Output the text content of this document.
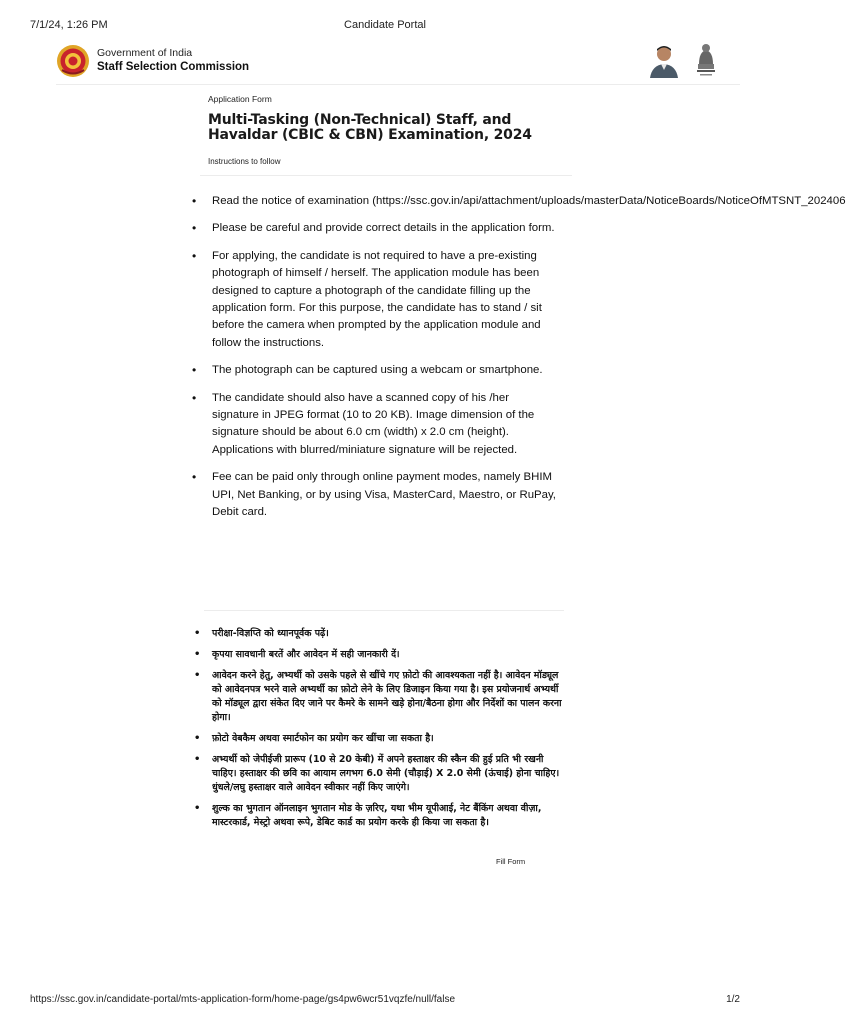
7/1/24, 1:26 PM	Candidate Portal
Government of India
Staff Selection Commission
Application Form
Multi-Tasking (Non-Technical) Staff, and Havaldar (CBIC & CBN) Examination, 2024
Instructions to follow
• Read the notice of examination (https://ssc.gov.in/api/attachment/uploads/masterData/NoticeBoards/NoticeOfMTSNT_202406
• Please be careful and provide correct details in the application form.
• For applying, the candidate is not required to have a pre-existing photograph of himself / herself. The application module has been designed to capture a photograph of the candidate filling up the application form. For this purpose, the candidate has to stand / sit before the camera when prompted by the application module and follow the instructions.
• The photograph can be captured using a webcam or smartphone.
• The candidate should also have a scanned copy of his /her signature in JPEG format (10 to 20 KB). Image dimension of the signature should be about 6.0 cm (width) x 2.0 cm (height). Applications with blurred/miniature signature will be rejected.
• Fee can be paid only through online payment modes, namely BHIM UPI, Net Banking, or by using Visa, MasterCard, Maestro, or RuPay, Debit card.
• परीक्षा-विज्ञप्ति को ध्यानपूर्वक पढ़ें।
• कृपया सावधानी बरतें और आवेदन में सही जानकारी दें।
• आवेदन करने हेतु, अभ्यर्थी को उसके पहले से खींचे गए फ़ोटो की आवश्यकता नहीं है। आवेदन मॉड्यूल को आवेदनपत्र भरने वाले अभ्यर्थी का फ़ोटो लेने के लिए डिजाइन किया गया है। इस प्रयोजनार्थ अभ्यर्थी को मॉड्यूल द्वारा संकेत दिए जाने पर कैमरे के सामने खड़े होना/बैठना होगा और निर्देशों का पालन करना होगा।
• फ़ोटो वेबकैम अथवा स्मार्टफोन का प्रयोग कर खींचा जा सकता है।
• अभ्यर्थी को जेपीईजी प्रारूप (10 से 20 केबी) में अपने हस्ताक्षर की स्कैन की हुई प्रति भी रखनी चाहिए। हस्ताक्षर की छवि का आयाम लगभग 6.0 सेमी (चौड़ाई) X 2.0 सेमी (ऊंचाई) होना चाहिए। धुंधले/लघु हस्ताक्षर वाले आवेदन स्वीकार नहीं किए जाएंगे।
• शुल्क का भुगतान ऑनलाइन भुगतान मोड के ज़रिए, यथा भीम यूपीआई, नेट बैंकिंग अथवा वीज़ा, मास्टरकार्ड, मेस्ट्रो अथवा रूपे, डेबिट कार्ड का प्रयोग करके ही किया जा सकता है।
Fill Form
https://ssc.gov.in/candidate-portal/mts-application-form/home-page/gs4pw6wcr51vqzfe/null/false	1/2
